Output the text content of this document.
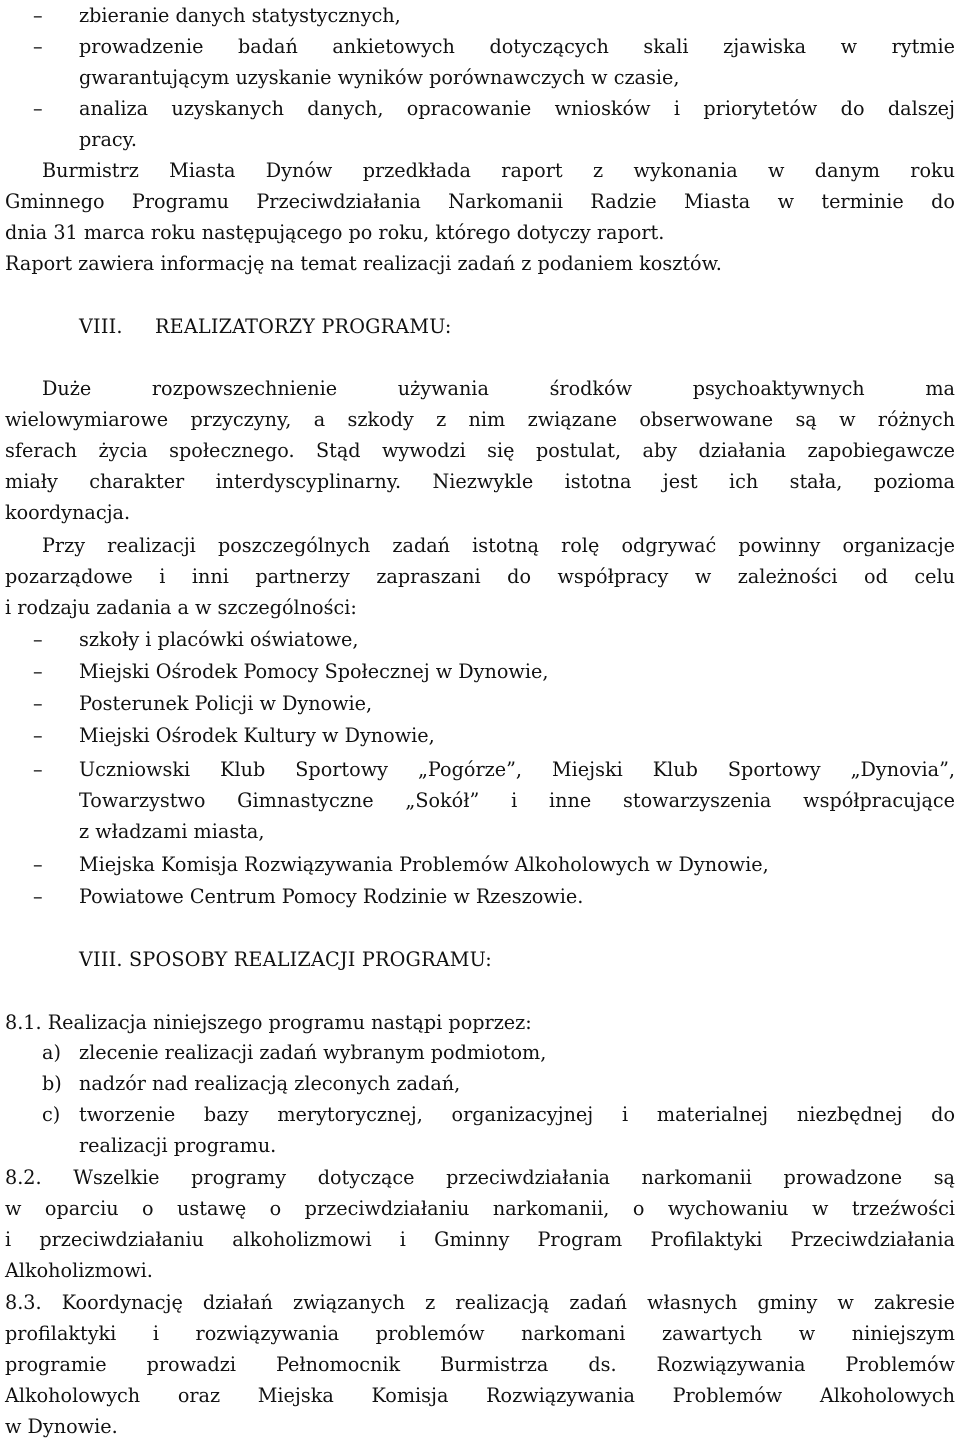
– zbieranie danych statystycznych,
– prowadzenie badań ankietowych dotyczących skali zjawiska w rytmie
gwarantującym uzyskanie wyników porównawczych w czasie,
– analiza uzyskanych danych, opracowanie wniosków i priorytetów do dalszej
pracy.
Burmistrz Miasta Dynów przedkłada raport z wykonania w danym roku
Gminnego Programu Przeciwdziałania Narkomanii Radzie Miasta w terminie do
dnia 31 marca roku następującego po roku, którego dotyczy raport.
Raport zawiera informację na temat realizacji zadań z podaniem kosztów.
VIII. REALIZATORZY PROGRAMU:
Duże rozpowszechnienie używania środków psychoaktywnych ma
wielowymiarowe przyczyny, a szkody z nim związane obserwowane są w różnych
sferach życia społecznego. Stąd wywodzi się postulat, aby działania zapobiegawcze
miały charakter interdyscyplinarny. Niezwykle istotna jest ich stała, pozioma
koordynacja.
Przy realizacji poszczególnych zadań istotną rolę odgrywać powinny organizacje
pozarządowe i inni partnerzy zapraszani do współpracy w zależności od celu
i rodzaju zadania a w szczególności:
– szkoły i placówki oświatowe,
– Miejski Ośrodek Pomocy Społecznej w Dynowie,
– Posterunek Policji w Dynowie,
– Miejski Ośrodek Kultury w Dynowie,
– Uczniowski Klub Sportowy „Pogórze”, Miejski Klub Sportowy „Dynovia”,
Towarzystwo Gimnastyczne „Sokół” i inne stowarzyszenia współpracujące
z władzami miasta,
– Miejska Komisja Rozwiązywania Problemów Alkoholowych w Dynowie,
– Powiatowe Centrum Pomocy Rodzinie w Rzeszowie.
VIII. SPOSOBY REALIZACJI PROGRAMU:
8.1. Realizacja niniejszego programu nastąpi poprzez:
a) zlecenie realizacji zadań wybranym podmiotom,
b) nadzór nad realizacją zleconych zadań,
c) tworzenie bazy merytorycznej, organizacyjnej i materialnej niezbędnej do
realizacji programu.
8.2. Wszelkie programy dotyczące przeciwdziałania narkomanii prowadzone są
w oparciu o ustawę o przeciwdziałaniu narkomanii, o wychowaniu w trzeźwości
i przeciwdziałaniu alkoholizmowi i Gminny Program Profilaktyki Przeciwdziałania
Alkoholizmowi.
8.3. Koordynację działań związanych z realizacją zadań własnych gminy w zakresie
profilaktyki i rozwiązywania problemów narkomani zawartych w niniejszym
programie prowadzi Pełnomocnik Burmistrza ds. Rozwiązywania Problemów
Alkoholowych oraz Miejska Komisja Rozwiązywania Problemów Alkoholowych
w Dynowie.
